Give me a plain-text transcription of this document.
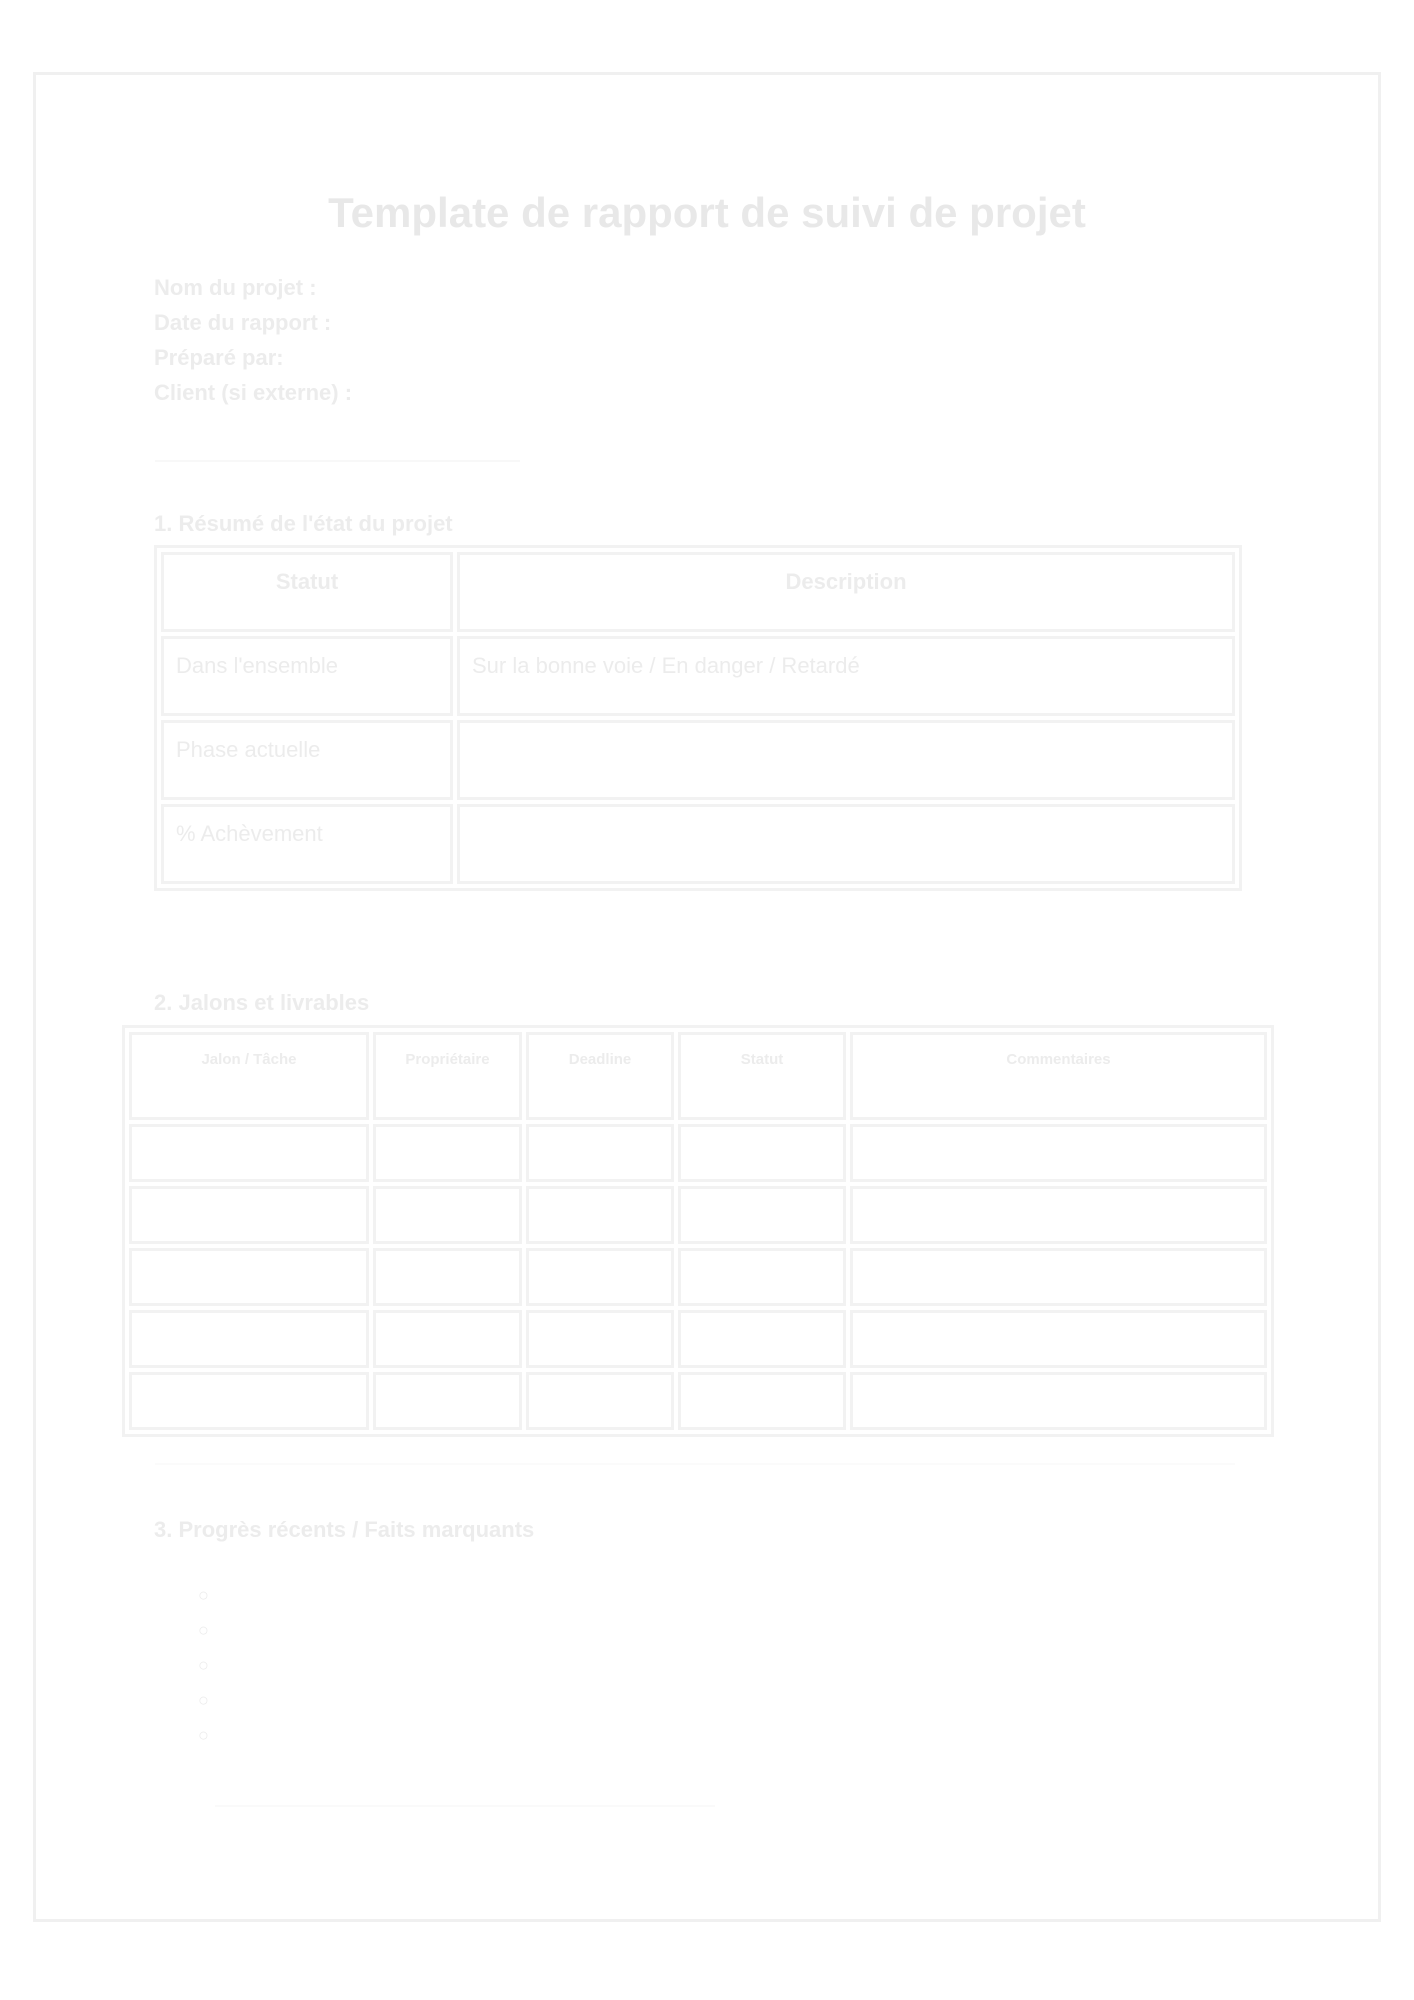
Template de rapport de suivi de projet
Nom du projet :
Date du rapport :
Préparé par:
Client (si externe) :
1. Résumé de l'état du projet
Statut	Description
Dans l'ensemble	Sur la bonne voie / En danger / Retardé
Phase actuelle	
% Achèvement	
2. Jalons et livrables
Jalon / Tâche	Propriétaire	Deadline	Statut	Commentaires

3. Progrès récents / Faits marquants
○
○
○
○
○
